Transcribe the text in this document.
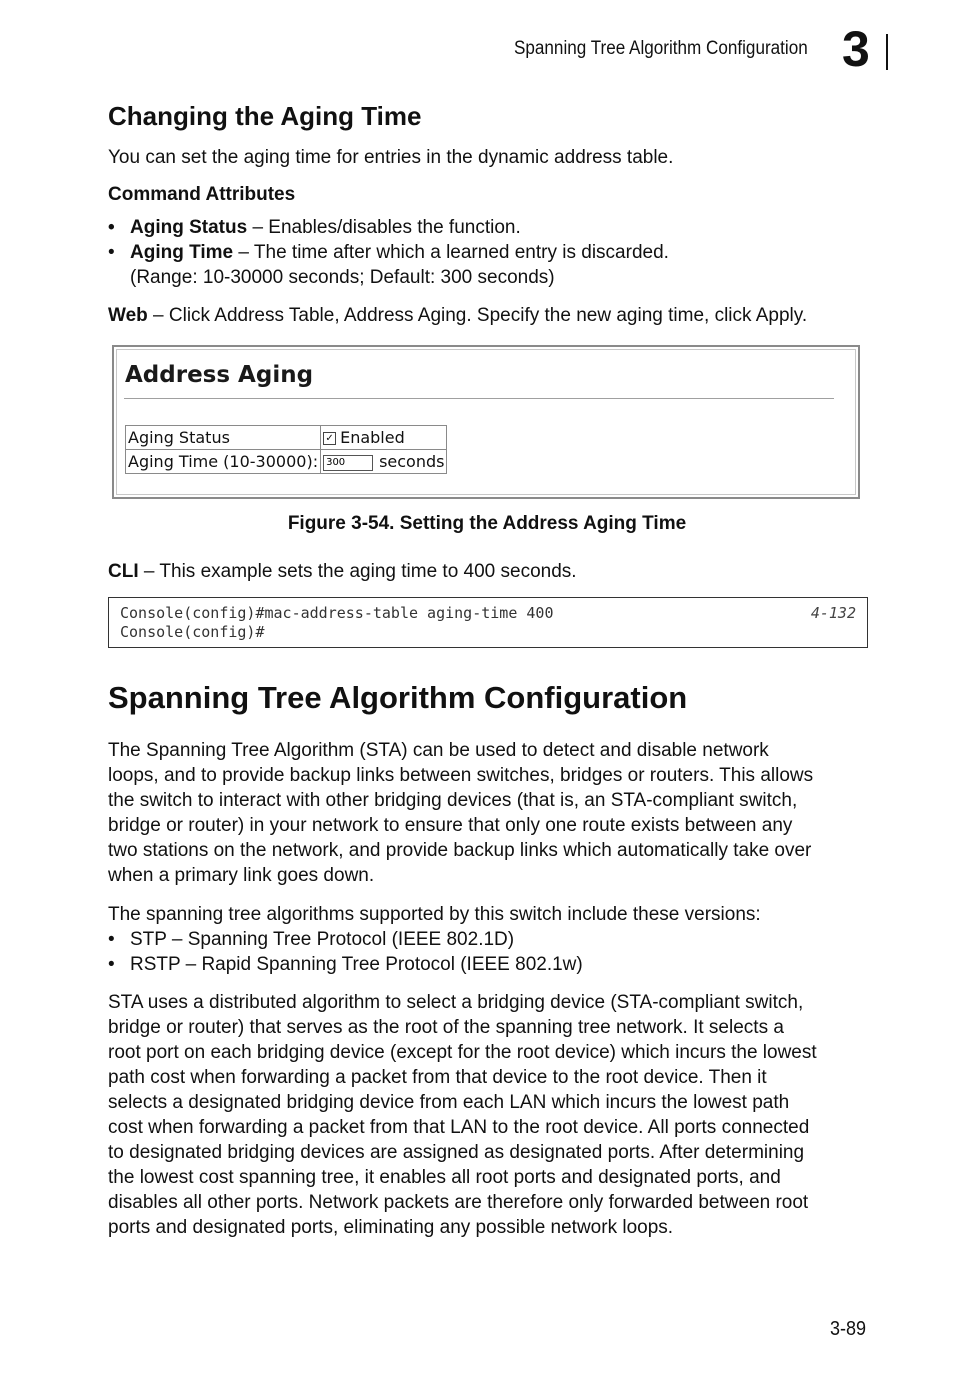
Spanning Tree Algorithm Configuration 3
Changing the Aging Time
You can set the aging time for entries in the dynamic address table.
Command Attributes
• Aging Status – Enables/disables the function.
• Aging Time – The time after which a learned entry is discarded.
(Range: 10-30000 seconds; Default: 300 seconds)
Web – Click Address Table, Address Aging. Specify the new aging time, click Apply.
Address Aging
Aging Status	✓ Enabled
Aging Time (10-30000):	300seconds
Figure 3-54. Setting the Address Aging Time
CLI – This example sets the aging time to 400 seconds.
Console(config)#mac-address-table aging-time 400	4-132
Console(config)#
Spanning Tree Algorithm Configuration
The Spanning Tree Algorithm (STA) can be used to detect and disable network
loops, and to provide backup links between switches, bridges or routers. This allows
the switch to interact with other bridging devices (that is, an STA-compliant switch,
bridge or router) in your network to ensure that only one route exists between any
two stations on the network, and provide backup links which automatically take over
when a primary link goes down.
The spanning tree algorithms supported by this switch include these versions:
• STP – Spanning Tree Protocol (IEEE 802.1D)
• RSTP – Rapid Spanning Tree Protocol (IEEE 802.1w)
STA uses a distributed algorithm to select a bridging device (STA-compliant switch,
bridge or router) that serves as the root of the spanning tree network. It selects a
root port on each bridging device (except for the root device) which incurs the lowest
path cost when forwarding a packet from that device to the root device. Then it
selects a designated bridging device from each LAN which incurs the lowest path
cost when forwarding a packet from that LAN to the root device. All ports connected
to designated bridging devices are assigned as designated ports. After determining
the lowest cost spanning tree, it enables all root ports and designated ports, and
disables all other ports. Network packets are therefore only forwarded between root
ports and designated ports, eliminating any possible network loops.
3-89
